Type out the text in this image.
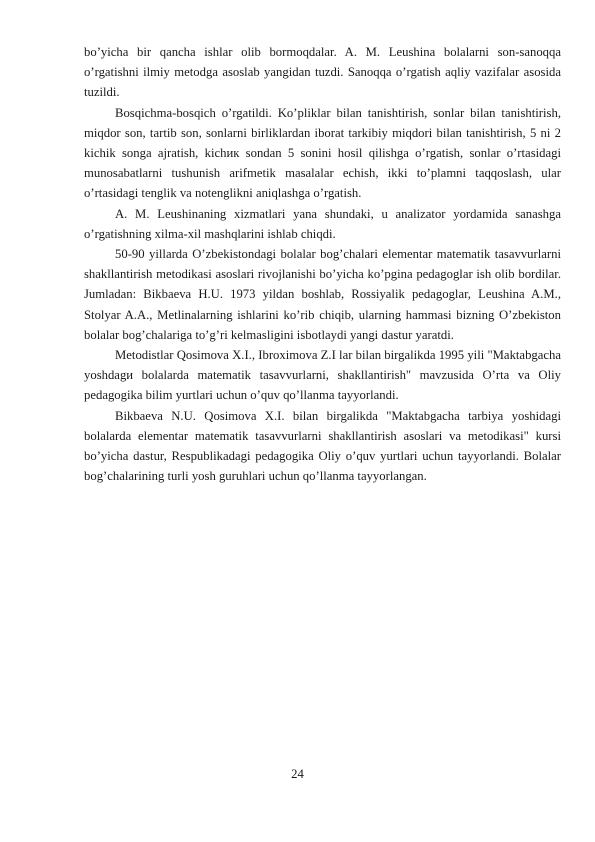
bo’yicha bir qancha ishlar olib bormoqdalar. A. M. Leushina bolalarni son-sanoqqa o’rgatishni ilmiy metodga asoslab yangidan tuzdi. Sanoqqa o’rgatish aqliy vazifalar asosida tuzildi.

Bosqichma-bosqich o’rgatildi. Ko’pliklar bilan tanishtirish, sonlar bilan tanishtirish, miqdor son, tartib son, sonlarni birliklardan iborat tarkibiy miqdori bilan tanishtirish, 5 ni 2 kichik songa ajratish, kichик sondan 5 sonini hosil qilishga o’rgatish, sonlar o’rtasidagi munosabatlarni tushunish arifmetik masalalar echish, ikki to’plamni taqqoslash, ular o’rtasidagi tenglik va notenglikni aniqlashga o’rgatish.

A. M. Leushinaning xizmatlari yana shundaki, u analizator yordamida sanashga o’rgatishning xilma-xil mashqlarini ishlab chiqdi.

50-90 yillarda O’zbekistondagi bolalar bog’chalari elementar matematik tasavvurlarni shakllantirish metodikasi asoslari rivojlanishi bo’yicha ko’pgina pedagoglar ish olib bordilar. Jumladan: Bikbaeva H.U. 1973 yildan boshlab, Rossiyalik pedagoglar, Leushina A.M., Stolyar A.A., Metlinalarning ishlarini ko’rib chiqib, ularning hammasi bizning O’zbekiston bolalar bog’chalariga to’g’ri kelmasligini isbotlaydi yangi dastur yaratdi.

Metodistlar Qosimova X.I., Ibroximova Z.I lar bilan birgalikda 1995 yili "Maktabgacha yoshdagи bolalarda matematik tasavvurlarni, shakllantirish" mavzusida O’rta va Oliy pedagogika bilim yurtlari uchun o’quv qo’llanma tayyorlandi.

Bikbaeva N.U. Qosimova X.I. bilan birgalikda "Maktabgacha tarbiya yoshidagi bolalarda elementar matematik tasavvurlarni shakllantirish asoslari va metodikasi" kursi bo’yicha dastur, Respublikadagi pedagogika Oliy o’quv yurtlari uchun tayyorlandi. Bolalar bog’chalarining turli yosh guruhlari uchun qo’llanma tayyorlangan.

24
